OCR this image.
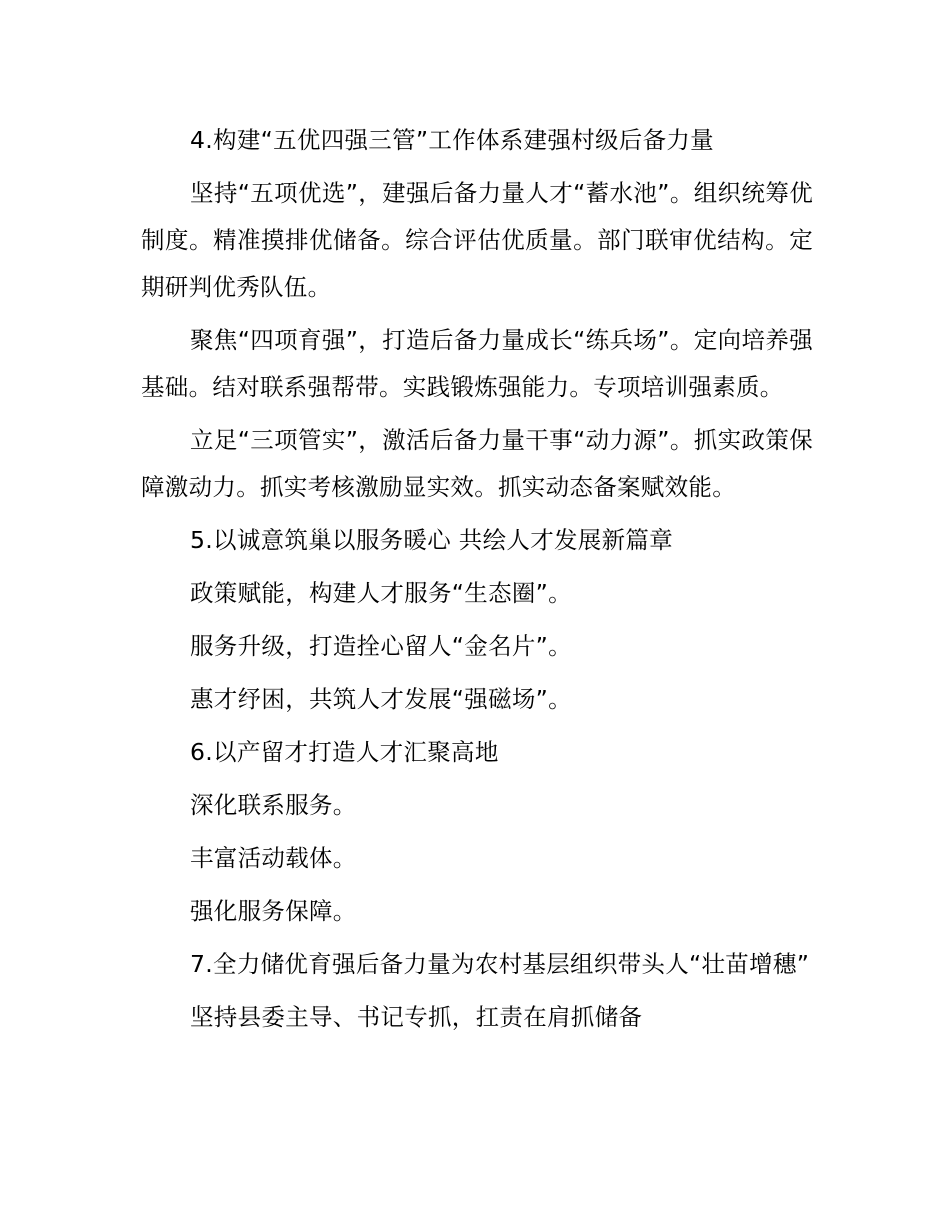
4.构建“五优四强三管”工作体系建强村级后备力量

坚持“五项优选”，建强后备力量人才“蓄水池”。组织统筹优制度。精准摸排优储备。综合评估优质量。部门联审优结构。定期研判优秀队伍。

聚焦“四项育强”，打造后备力量成长“练兵场”。定向培养强基础。结对联系强帮带。实践锻炼强能力。专项培训强素质。

立足“三项管实”，激活后备力量干事“动力源”。抓实政策保障激动力。抓实考核激励显实效。抓实动态备案赋效能。

5.以诚意筑巢以服务暖心 共绘人才发展新篇章

政策赋能，构建人才服务“生态圈”。

服务升级，打造拴心留人“金名片”。

惠才纾困，共筑人才发展“强磁场”。

6.以产留才打造人才汇聚高地

深化联系服务。

丰富活动载体。

强化服务保障。

7.全力储优育强后备力量为农村基层组织带头人“壮苗增穗”

坚持县委主导、书记专抓，扛责在肩抓储备
